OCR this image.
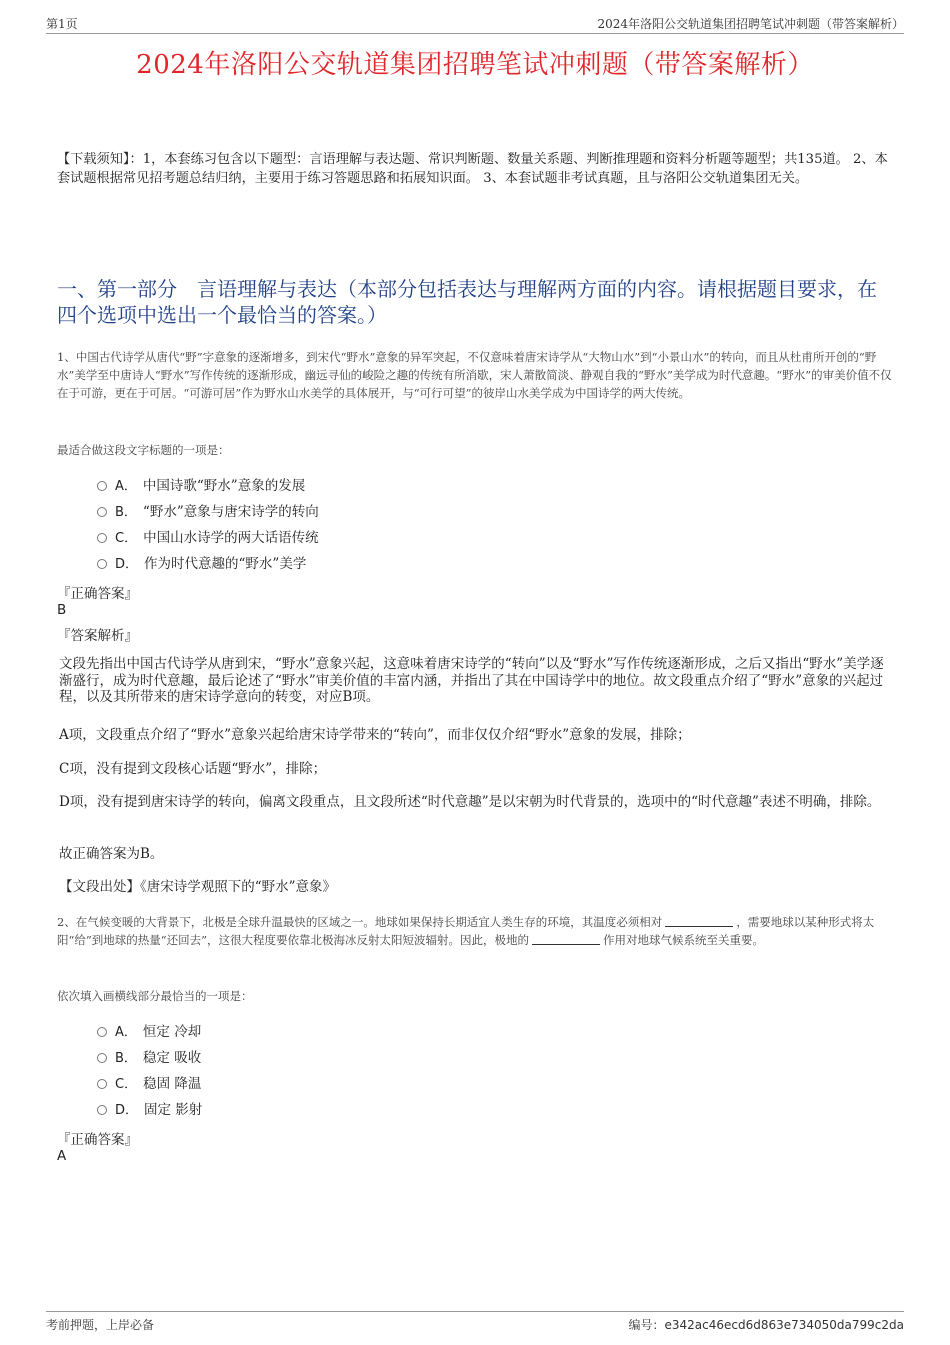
第1页	2024年洛阳公交轨道集团招聘笔试冲刺题（带答案解析）
2024年洛阳公交轨道集团招聘笔试冲刺题（带答案解析）
【下载须知】：1，本套练习包含以下题型：言语理解与表达题、常识判断题、数量关系题、判断推理题和资料分析题等题型；共135道。 2、本套试题根据常见招考题总结归纳，主要用于练习答题思路和拓展知识面。 3、本套试题非考试真题，且与洛阳公交轨道集团无关。
一、第一部分　言语理解与表达（本部分包括表达与理解两方面的内容。请根据题目要求，在四个选项中选出一个最恰当的答案。）
1、中国古代诗学从唐代“野”字意象的逐渐增多，到宋代“野水”意象的异军突起，不仅意味着唐宋诗学从“大物山水”到“小景山水”的转向，而且从杜甫所开创的“野水”美学至中唐诗人“野水”写作传统的逐渐形成，幽远寻仙的峻险之趣的传统有所消歇，宋人萧散简淡、静观自我的“野水”美学成为时代意趣。“野水”的审美价值不仅在于可游，更在于可居。“可游可居”作为野水山水美学的具体展开，与“可行可望”的彼岸山水美学成为中国诗学的两大传统。
最适合做这段文字标题的一项是：
A． 中国诗歌“野水”意象的发展
B． “野水”意象与唐宋诗学的转向
C． 中国山水诗学的两大话语传统
D． 作为时代意趣的“野水”美学
『正确答案』
B
『答案解析』
文段先指出中国古代诗学从唐到宋，“野水”意象兴起，这意味着唐宋诗学的“转向”以及“野水”写作传统逐渐形成，之后又指出“野水”美学逐渐盛行，成为时代意趣，最后论述了“野水”审美价值的丰富内涵，并指出了其在中国诗学中的地位。故文段重点介绍了“野水”意象的兴起过程，以及其所带来的唐宋诗学意向的转变，对应B项。
A项，文段重点介绍了“野水”意象兴起给唐宋诗学带来的“转向”，而非仅仅介绍“野水”意象的发展，排除；
C项，没有提到文段核心话题“野水”，排除；
D项，没有提到唐宋诗学的转向，偏离文段重点，且文段所述“时代意趣”是以宋朝为时代背景的，选项中的“时代意趣”表述不明确，排除。
故正确答案为B。
【文段出处】《唐宋诗学观照下的“野水”意象》
2、在气候变暖的大背景下，北极是全球升温最快的区域之一。地球如果保持长期适宜人类生存的环境，其温度必须相对	，需要地球以某种形式将太阳“给”到地球的热量“还回去”，这很大程度要依靠北极海冰反射太阳短波辐射。因此，极地的	作用对地球气候系统至关重要。
依次填入画横线部分最恰当的一项是：
A． 恒定 冷却
B． 稳定 吸收
C． 稳固 降温
D． 固定 影射
『正确答案』
A
考前押题，上岸必备	编号：e342ac46ecd6d863e734050da799c2da
